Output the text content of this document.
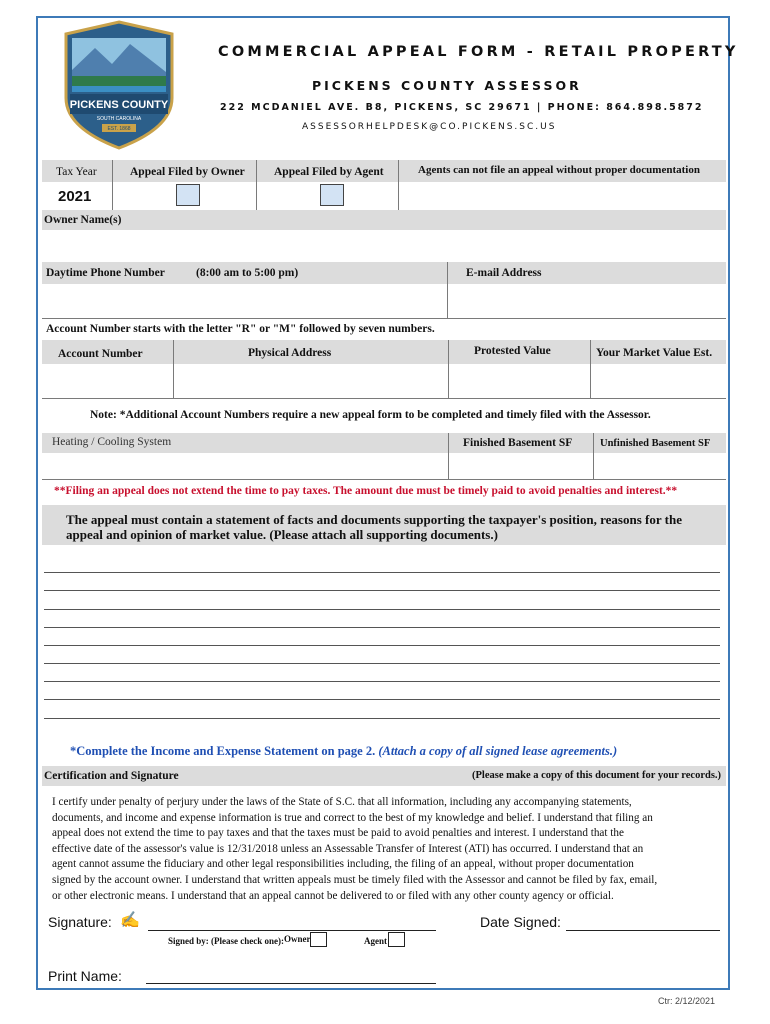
PICKENS COUNTY
SOUTH CAROLINA
EST. 1868
COMMERCIAL APPEAL FORM - RETAIL PROPERTY
PICKENS COUNTY ASSESSOR
222 MCDANIEL AVE. B8, PICKENS, SC 29671 | PHONE: 864.898.5872
ASSESSORHELPDESK@CO.PICKENS.SC.US
Tax Year	Appeal Filed by Owner	Appeal Filed by Agent	Agents can not file an appeal without proper documentation
2021
Owner Name(s)
Daytime Phone Number	(8:00 am to 5:00 pm)	E-mail Address
Account Number starts with the letter "R" or "M" followed by seven numbers.
Account Number	Physical Address	Protested Value	Your Market Value Est.
Note: *Additional Account Numbers require a new appeal form to be completed and timely filed with the Assessor.
Heating / Cooling System	Finished Basement SF	Unfinished Basement SF
**Filing an appeal does not extend the time to pay taxes. The amount due must be timely paid to avoid penalties and interest.**
The appeal must contain a statement of facts and documents supporting the taxpayer's position, reasons for the
appeal and opinion of market value. (Please attach all supporting documents.)
*Complete the Income and Expense Statement on page 2. (Attach a copy of all signed lease agreements.)
Certification and Signature	(Please make a copy of this document for your records.)
I certify under penalty of perjury under the laws of the State of S.C. that all information, including any accompanying statements,
documents, and income and expense information is true and correct to the best of my knowledge and belief. I understand that filing an
appeal does not extend the time to pay taxes and that the taxes must be paid to avoid penalties and interest. I understand that the
effective date of the assessor's value is 12/31/2018 unless an Assessable Transfer of Interest (ATI) has occurred. I understand that an
agent cannot assume the fiduciary and other legal responsibilities including, the filing of an appeal, without proper documentation
signed by the account owner. I understand that written appeals must be timely filed with the Assessor and cannot be filed by fax, email,
or other electronic means. I understand that an appeal cannot be delivered to or filed with any other county agency or official.
Signature: ✍	Date Signed:
Signed by: (Please check one): Owner	Agent
Print Name:
Ctr: 2/12/2021
